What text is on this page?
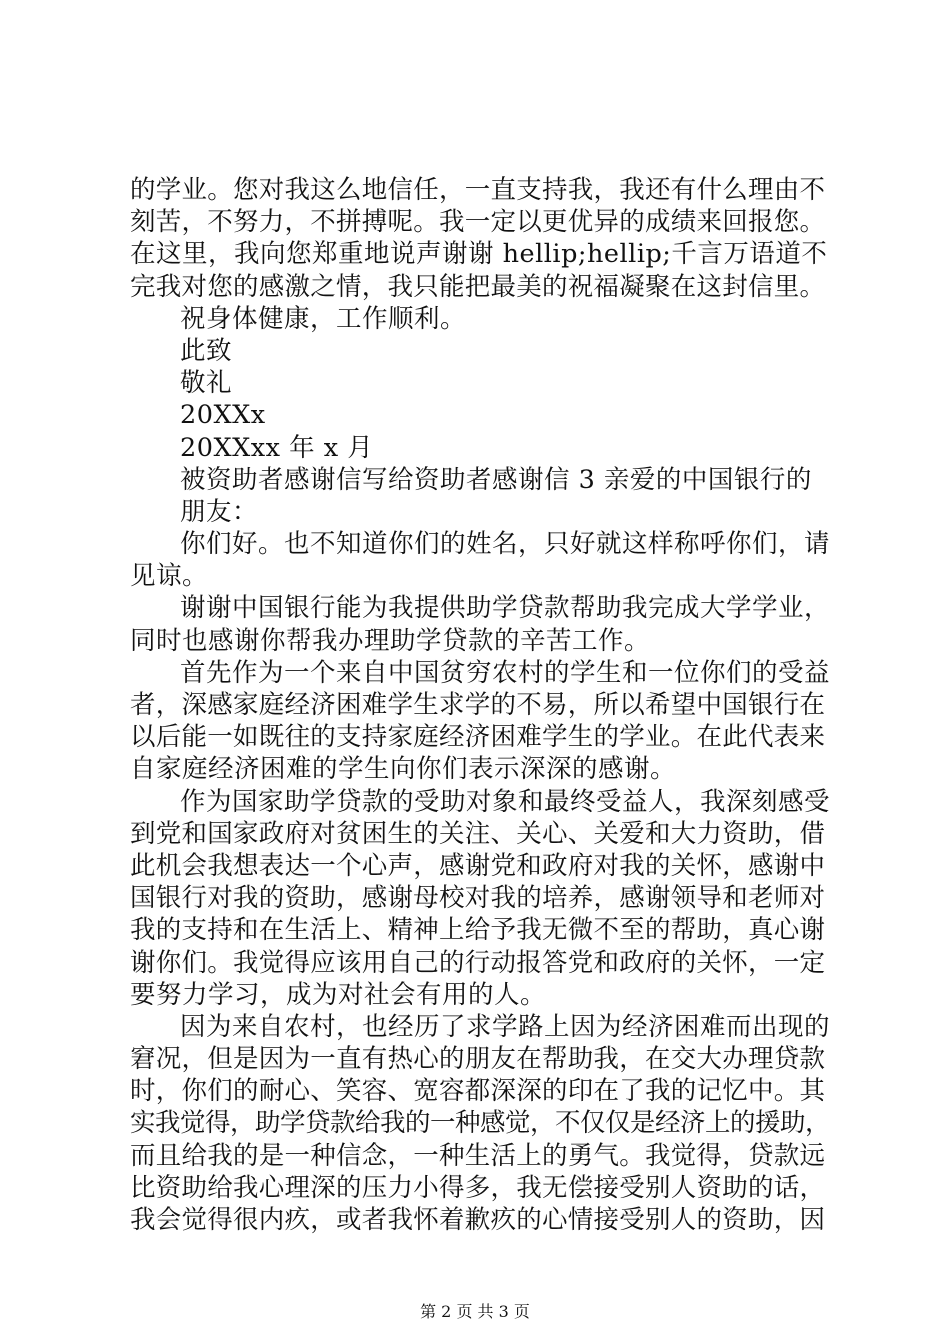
的学业。您对我这么地信任，一直支持我，我还有什么理由不
刻苦，不努力，不拼搏呢。我一定以更优异的成绩来回报您。
在这里，我向您郑重地说声谢谢 hellip;hellip;千言万语道不
完我对您的感激之情，我只能把最美的祝福凝聚在这封信里。
祝身体健康，工作顺利。
此致
敬礼
20XXx
20XXxx 年 x 月
被资助者感谢信写给资助者感谢信 3 亲爱的中国银行的
朋友：
你们好。也不知道你们的姓名，只好就这样称呼你们，请
见谅。
谢谢中国银行能为我提供助学贷款帮助我完成大学学业，
同时也感谢你帮我办理助学贷款的辛苦工作。
首先作为一个来自中国贫穷农村的学生和一位你们的受益
者，深感家庭经济困难学生求学的不易，所以希望中国银行在
以后能一如既往的支持家庭经济困难学生的学业。在此代表来
自家庭经济困难的学生向你们表示深深的感谢。
作为国家助学贷款的受助对象和最终受益人，我深刻感受
到党和国家政府对贫困生的关注、关心、关爱和大力资助，借
此机会我想表达一个心声，感谢党和政府对我的关怀，感谢中
国银行对我的资助，感谢母校对我的培养，感谢领导和老师对
我的支持和在生活上、精神上给予我无微不至的帮助，真心谢
谢你们。我觉得应该用自己的行动报答党和政府的关怀，一定
要努力学习，成为对社会有用的人。
因为来自农村，也经历了求学路上因为经济困难而出现的
窘况，但是因为一直有热心的朋友在帮助我，在交大办理贷款
时，你们的耐心、笑容、宽容都深深的印在了我的记忆中。其
实我觉得，助学贷款给我的一种感觉，不仅仅是经济上的援助，
而且给我的是一种信念，一种生活上的勇气。我觉得，贷款远
比资助给我心理深的压力小得多，我无偿接受别人资助的话，
我会觉得很内疚，或者我怀着歉疚的心情接受别人的资助，因
第 2 页 共 3 页
